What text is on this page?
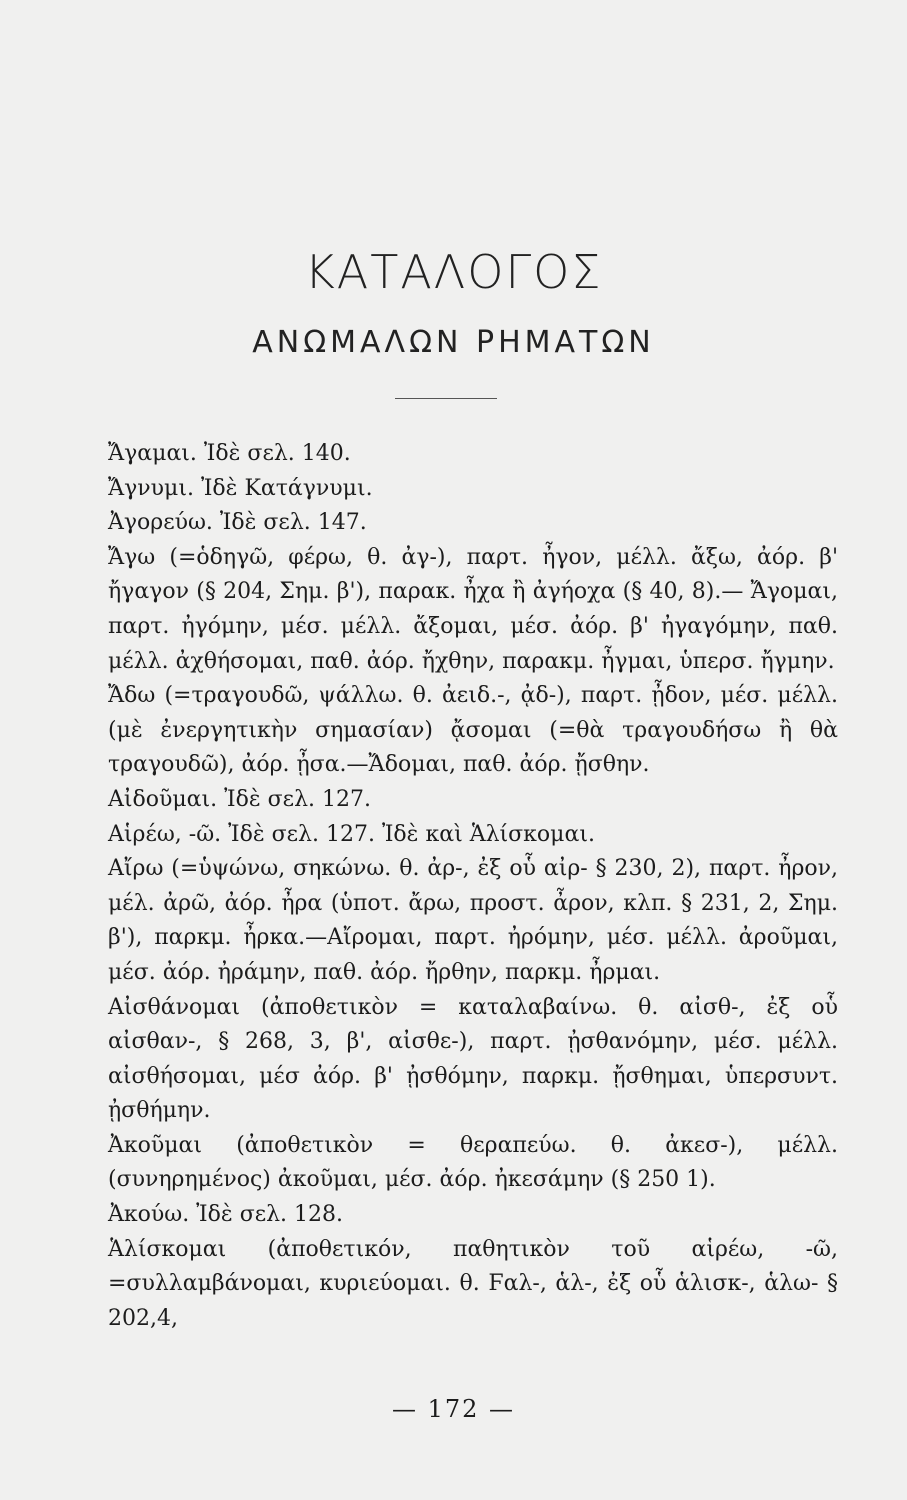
ΚΑΤΑΛΟΓΟΣ
ΑΝΩΜΑΛΩΝ ΡΗΜΑΤΩΝ

Ἄγαμαι. Ἰδὲ σελ. 140.

Ἄγνυμι. Ἰδὲ Κατάγνυμι.

Ἀγορεύω. Ἰδὲ σελ. 147.

Ἄγω (=ὁδηγῶ, φέρω, θ. ἀγ-), παρτ. ἦγον, μέλλ. ἄξω, ἀόρ. β' ἤγαγον (§ 204, Σημ. β'), παρακ. ἦχα ἢ ἀγήοχα (§ 40, 8).— Ἄγομαι, παρτ. ἠγόμην, μέσ. μέλλ. ἄξομαι, μέσ. ἀόρ. β' ἠγαγόμην, παθ. μέλλ. ἀχθήσομαι, παθ. ἀόρ. ἤχθην, παρακμ. ἦγμαι, ὑπερσ. ἤγμην.

Ἄδω (=τραγουδῶ, ψάλλω. θ. ἀειδ.-, ᾀδ-), παρτ. ᾖδον, μέσ. μέλλ. (μὲ ἐνεργητικὴν σημασίαν) ᾄσομαι (=θὰ τραγουδήσω ἢ θὰ τραγουδῶ), ἀόρ. ᾖσα.—Ἄδομαι, παθ. ἀόρ. ᾔσθην.

Αἰδοῦμαι. Ἰδὲ σελ. 127.

Αἱρέω, -ῶ. Ἰδὲ σελ. 127. Ἰδὲ καὶ Ἁλίσκομαι.

Αἴρω (=ὑψώνω, σηκώνω. θ. ἀρ-, ἐξ οὗ αἰρ- § 230, 2), παρτ. ἦρον, μέλ. ἀρῶ, ἀόρ. ἦρα (ὑποτ. ἄρω, προστ. ἆρον, κλπ. § 231, 2, Σημ. β'), παρκμ. ἦρκα.—Αἴρομαι, παρτ. ἠρόμην, μέσ. μέλλ. ἀροῦμαι, μέσ. ἀόρ. ἠράμην, παθ. ἀόρ. ἤρθην, παρκμ. ἦρμαι.

Αἰσθάνομαι (ἀποθετικὸν = καταλαβαίνω. θ. αἰσθ-, ἐξ οὗ αἰσθαν-, § 268, 3, β', αἰσθε-), παρτ. ᾐσθανόμην, μέσ. μέλλ. αἰσθήσομαι, μέσ ἀόρ. β' ᾐσθόμην, παρκμ. ᾔσθημαι, ὑπερσυντ. ᾐσθήμην.

Ἀκοῦμαι (ἀποθετικὸν = θεραπεύω. θ. ἀκεσ-), μέλλ. (συνηρημένος) ἀκοῦμαι, μέσ. ἀόρ. ἠκεσάμην (§ 250 1).

Ἀκούω. Ἰδὲ σελ. 128.

Ἁλίσκομαι (ἀποθετικόν, παθητικὸν τοῦ αἱρέω, -ῶ, =συλλαμβάνομαι, κυριεύομαι. θ. Ϝαλ-, ἁλ-, ἐξ οὗ ἁλισκ-, ἁλω- § 202,4,

— 172 —
